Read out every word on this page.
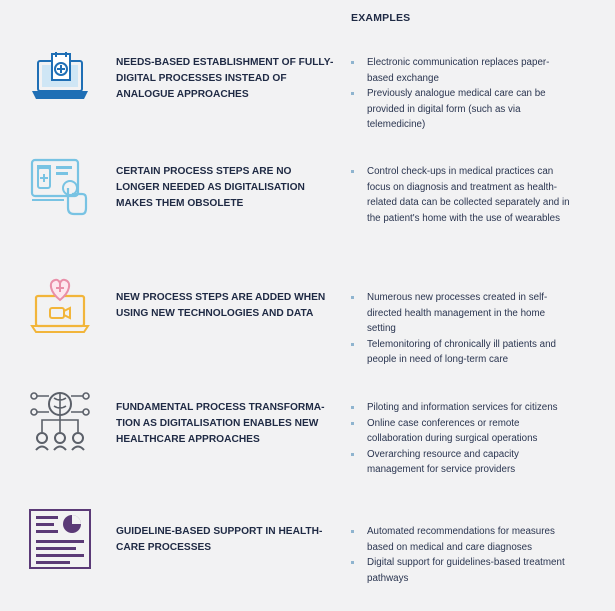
EXAMPLES
NEEDS-BASED ESTABLISHMENT OF FULLY-DIGITAL PROCESSES INSTEAD OF ANALOGUE APPROACHES
Electronic communication replaces paper-based exchange
Previously analogue medical care can be provided in digital form (such as via telemedicine)
CERTAIN PROCESS STEPS ARE NO LONGER NEEDED AS DIGITALISATION MAKES THEM OBSOLETE
Control check-ups in medical practices can focus on diagnosis and treatment as health-related data can be collected separately and in the patient's home with the use of wearables
NEW PROCESS STEPS ARE ADDED WHEN USING NEW TECHNOLOGIES AND DATA
Numerous new processes created in self-directed health management in the home setting
Telemonitoring of chronically ill patients and people in need of long-term care
FUNDAMENTAL PROCESS TRANSFORMA-TION AS DIGITALISATION ENABLES NEW HEALTHCARE APPROACHES
Piloting and information services for citizens
Online case conferences or remote collaboration during surgical operations
Overarching resource and capacity management for service providers
GUIDELINE-BASED SUPPORT IN HEALTH-CARE PROCESSES
Automated recommendations for measures based on medical and care diagnoses
Digital support for guidelines-based treatment pathways
